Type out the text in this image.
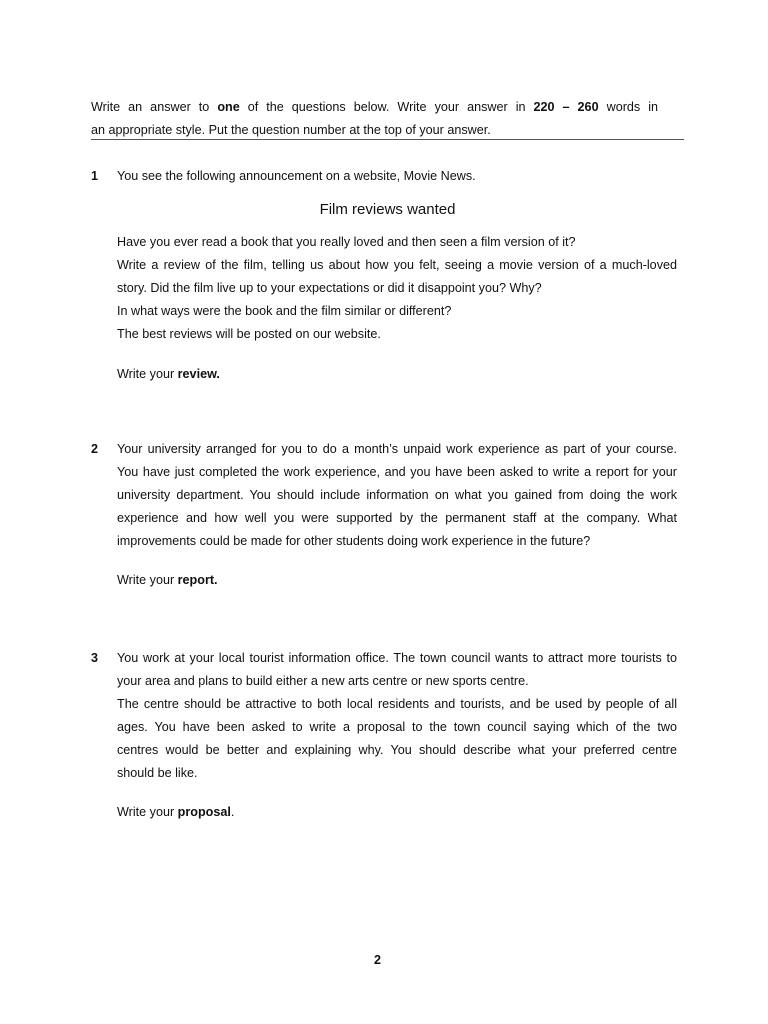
Write an answer to one of the questions below. Write your answer in 220 – 260 words in
an appropriate style. Put the question number at the top of your answer.
1 You see the following announcement on a website, Movie News.
Film reviews wanted
Have you ever read a book that you really loved and then seen a film version of it?
Write a review of the film, telling us about how you felt, seeing a movie version of a much-loved
story. Did the film live up to your expectations or did it disappoint you? Why?
In what ways were the book and the film similar or different?
The best reviews will be posted on our website.
Write your review.
2 Your university arranged for you to do a month’s unpaid work experience as part of your course.
You have just completed the work experience, and you have been asked to write a report for your
university department. You should include information on what you gained from doing the work
experience and how well you were supported by the permanent staff at the company. What
improvements could be made for other students doing work experience in the future?
Write your report.
3 You work at your local tourist information office. The town council wants to attract more tourists to
your area and plans to build either a new arts centre or new sports centre.
The centre should be attractive to both local residents and tourists, and be used by people of all
ages. You have been asked to write a proposal to the town council saying which of the two
centres would be better and explaining why. You should describe what your preferred centre
should be like.
Write your proposal.
2
